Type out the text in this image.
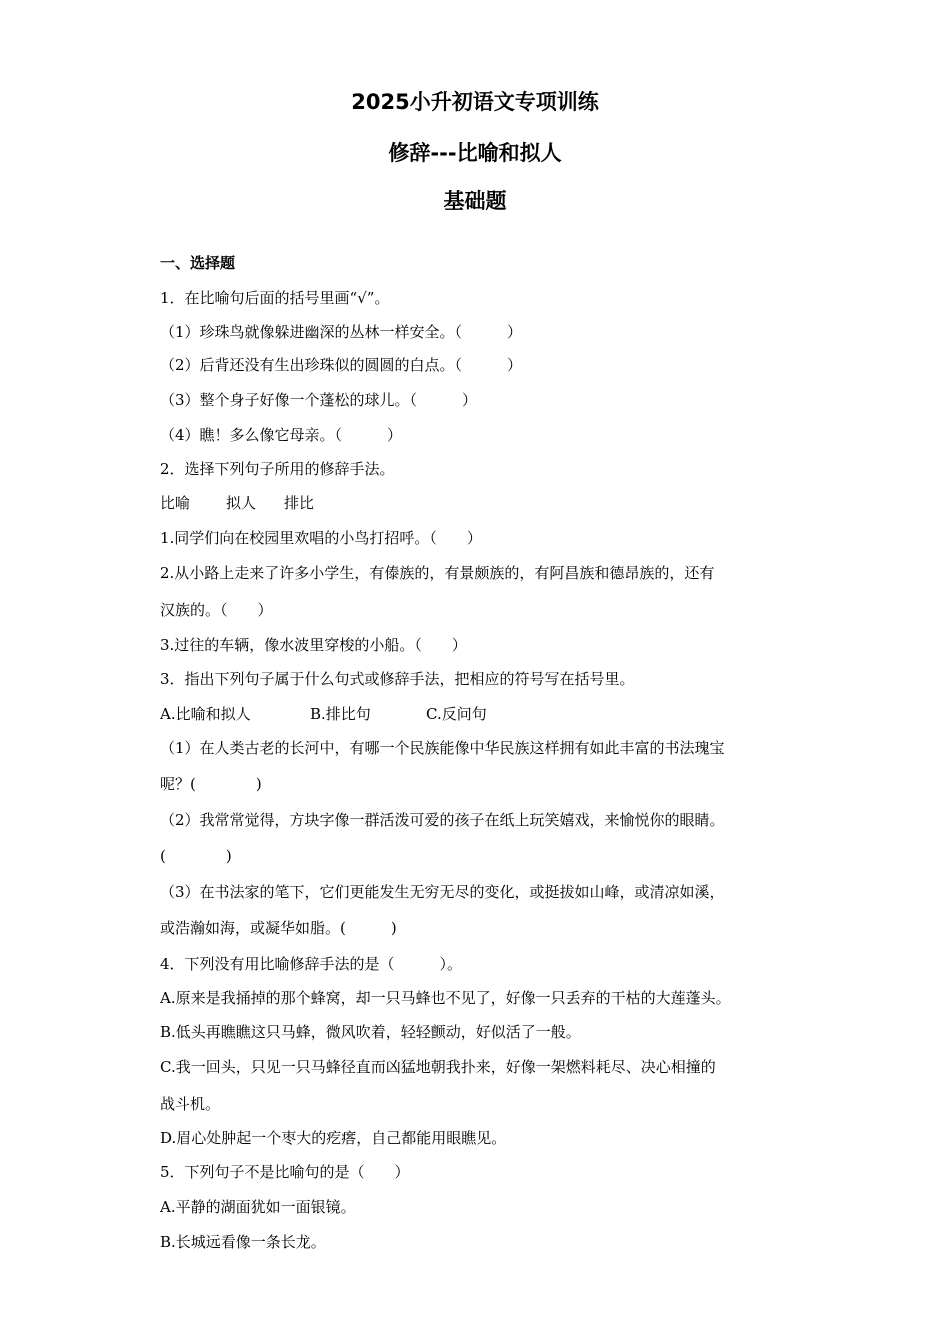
2025小升初语文专项训练
修辞---比喻和拟人
基础题
一、选择题
1．在比喻句后面的括号里画“√”。
（1）珍珠鸟就像躲进幽深的丛林一样安全。（　　　）
（2）后背还没有生出珍珠似的圆圆的白点。（　　　）
（3）整个身子好像一个蓬松的球儿。（　　　）
（4）瞧！多么像它母亲。（　　　）
2．选择下列句子所用的修辞手法。
比喻 拟人 排比
1.同学们向在校园里欢唱的小鸟打招呼。（　　）
2.从小路上走来了许多小学生，有傣族的，有景颇族的，有阿昌族和德昂族的，还有
汉族的。（　　）
3.过往的车辆，像水波里穿梭的小船。（　　）
3．指出下列句子属于什么句式或修辞手法，把相应的符号写在括号里。
A.比喻和拟人	B.排比句	C.反问句
（1）在人类古老的长河中，有哪一个民族能像中华民族这样拥有如此丰富的书法瑰宝
呢？(　　　　)
（2）我常常觉得，方块字像一群活泼可爱的孩子在纸上玩笑嬉戏，来愉悦你的眼睛。
(　　　　)
（3）在书法家的笔下，它们更能发生无穷无尽的变化，或挺拔如山峰，或清凉如溪，
或浩瀚如海，或凝华如脂。(　　　)
4．下列没有用比喻修辞手法的是（　　　）。
A.原来是我捅掉的那个蜂窝，却一只马蜂也不见了，好像一只丢弃的干枯的大莲蓬头。
B.低头再瞧瞧这只马蜂，微风吹着，轻轻颤动，好似活了一般。
C.我一回头，只见一只马蜂径直而凶猛地朝我扑来，好像一架燃料耗尽、决心相撞的
战斗机。
D.眉心处肿起一个枣大的疙瘩，自己都能用眼瞧见。
5．下列句子不是比喻句的是（　　）
A.平静的湖面犹如一面银镜。
B.长城远看像一条长龙。
